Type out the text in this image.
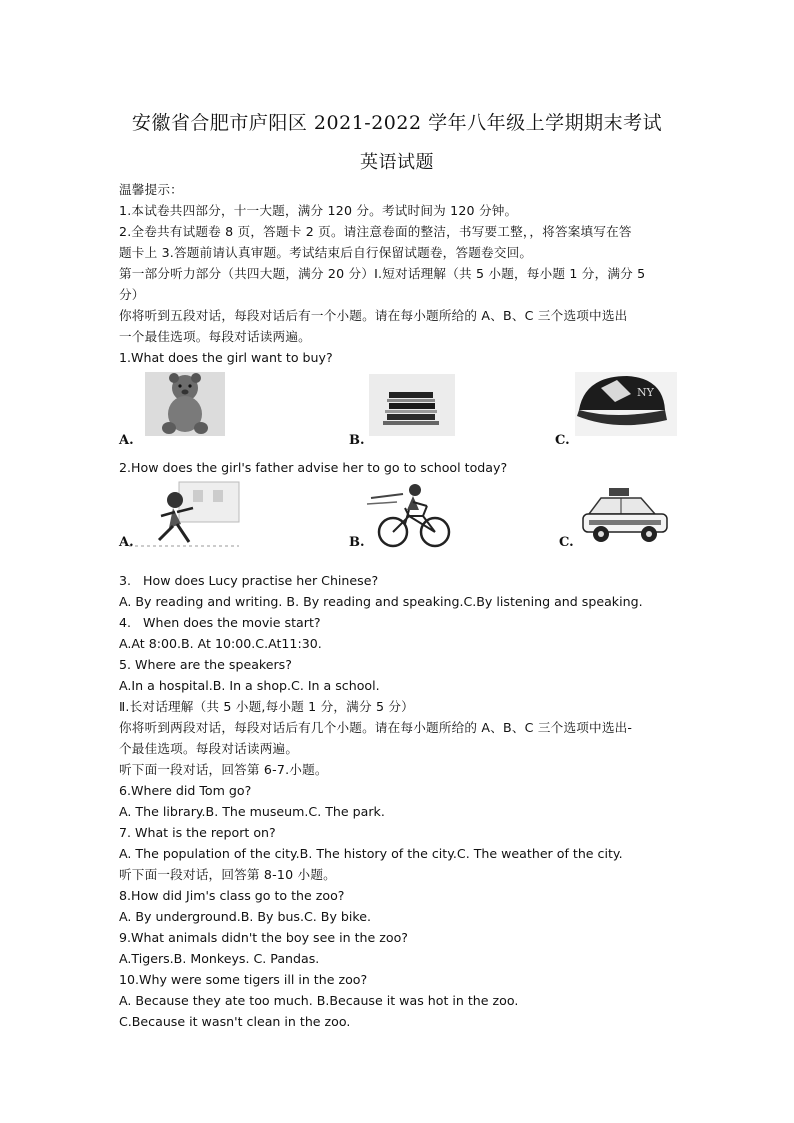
安徽省合肥市庐阳区 2021-2022 学年八年级上学期期末考试
英语试题
温馨提示：
1.本试卷共四部分，十一大题，满分 120 分。考试时间为 120 分钟。
2.全卷共有试题卷 8 页，答题卡 2 页。请注意卷面的整洁，书写要工整，，将答案填写在答
题卡上 3.答题前请认真审题。考试结束后自行保留试题卷，答题卷交回。
第一部分听力部分（共四大题，满分 20 分）I.短对话理解（共 5 小题，每小题 1 分，满分 5
分）
你将听到五段对话，每段对话后有一个小题。请在每小题所给的 A、B、C 三个选项中选出
一个最佳选项。每段对话读两遍。
1.What does the girl want to buy?
A.	B.
NY
C.
2.How does the girl's father advise her to go to school today?
A.	B.	C.
3.   How does Lucy practise her Chinese?
A. By reading and writing. B. By reading and speaking.C.By listening and speaking.
4.   When does the movie start?
A.At 8:00.B. At 10:00.C.At11:30.
5. Where are the speakers?
A.In a hospital.B. In a shop.C. In a school.
Ⅱ.长对话理解（共 5 小题,每小题 1 分，满分 5 分）
你将听到两段对话，每段对话后有几个小题。请在每小题所给的 A、B、C 三个选项中选出-
个最佳选项。每段对话读两遍。
听下面一段对话，回答第 6-7.小题。
6.Where did Tom go?
A. The library.B. The museum.C. The park.
7. What is the report on?
A. The population of the city.B. The history of the city.C. The weather of the city.
听下面一段对话，回答第 8-10 小题。
8.How did Jim's class go to the zoo?
A. By underground.B. By bus.C. By bike.
9.What animals didn't the boy see in the zoo?
A.Tigers.B. Monkeys. C. Pandas.
10.Why were some tigers ill in the zoo?
A. Because they ate too much. B.Because it was hot in the zoo.
C.Because it wasn't clean in the zoo.
